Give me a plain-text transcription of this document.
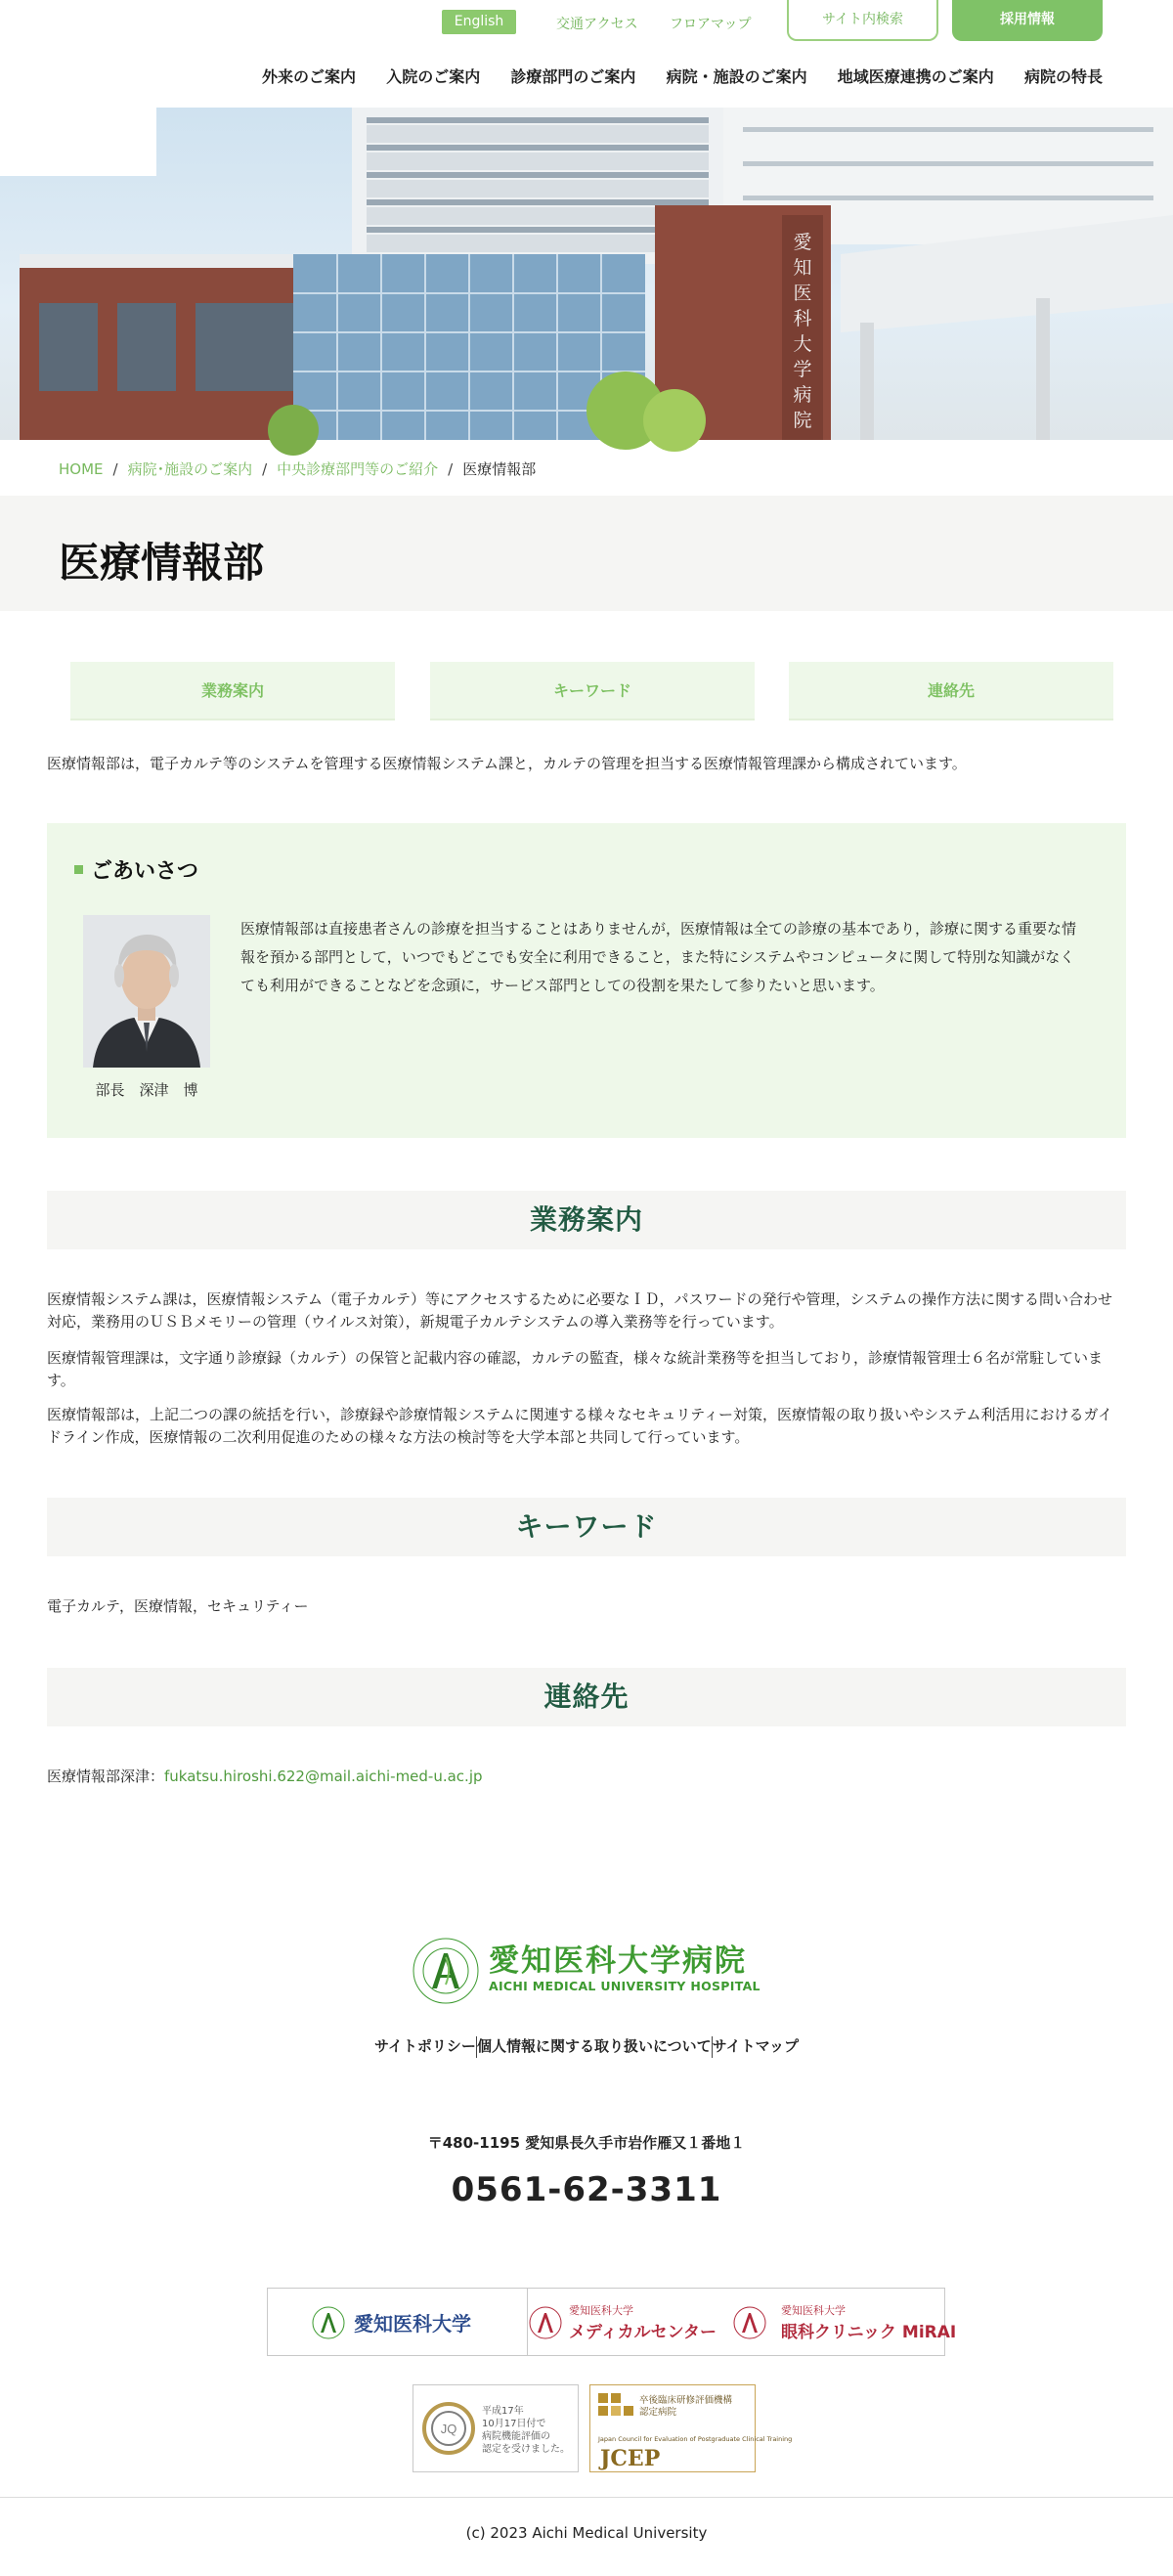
English	交通アクセス フロアマップ	サイト内検索	採用情報
外来のご案内 入院のご案内 診療部門のご案内 病院・施設のご案内 地域医療連携のご案内 病院の特長
愛
知
医
科
大
学
病
院
HOME / 病院･施設のご案内 / 中央診療部門等のご紹介 / 医療情報部
医療情報部
業務案内	キーワード	連絡先

医療情報部は，電子カルテ等のシステムを管理する医療情報システム課と，カルテの管理を担当する医療情報管理課から構成されています。

ごあいさつ
部長　深津　博

医療情報部は直接患者さんの診療を担当することはありませんが，医療情報は全ての診療の基本であり，診療に関する重要な情報を預かる部門として，いつでもどこでも安全に利用できること，また特にシステムやコンピュータに関して特別な知識がなくても利用ができることなどを念頭に，サービス部門としての役割を果たして参りたいと思います。

業務案内

医療情報システム課は，医療情報システム（電子カルテ）等にアクセスするために必要なＩＤ，パスワードの発行や管理，システムの操作方法に関する問い合わせ対応，業務用のＵＳＢメモリーの管理（ウイルス対策），新規電子カルテシステムの導入業務等を行っています。

医療情報管理課は，文字通り診療録（カルテ）の保管と記載内容の確認，カルテの監査，様々な統計業務等を担当しており，診療情報管理士６名が常駐しています。

医療情報部は，上記二つの課の統括を行い，診療録や診療情報システムに関連する様々なセキュリティー対策，医療情報の取り扱いやシステム利活用におけるガイドライン作成，医療情報の二次利用促進のための様々な方法の検討等を大学本部と共同して行っています。

キーワード

電子カルテ，医療情報，セキュリティー

連絡先

医療情報部深津：fukatsu.hiroshi.622@mail.aichi-med-u.ac.jp

愛知医科大学病院
AICHI MEDICAL UNIVERSITY HOSPITAL
サイトポリシー個人情報に関する取り扱いについてサイトマップ
〒480-1195 愛知県長久手市岩作雁又１番地１
0561-62-3311
愛知医科大学
愛知医科大学
メディカルセンター
愛知医科大学
眼科クリニック MiRAI
JQ
平成17年
10月17日付で
病院機能評価の
認定を受けました。
卒後臨床研修評価機構
認定病院
Japan Council for Evaluation of Postgraduate Clinical Training
JCEP
(c) 2023 Aichi Medical University
